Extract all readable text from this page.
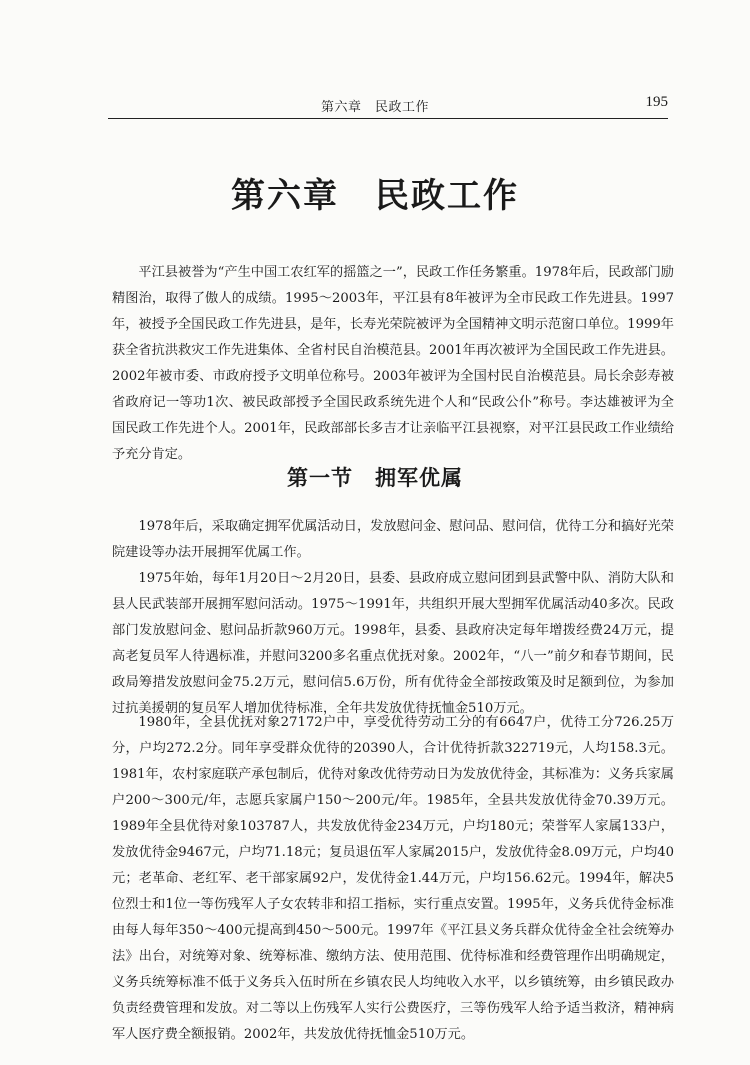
第六章　民政工作	195
第六章　民政工作

平江县被誉为“产生中国工农红军的摇篮之一”，民政工作任务繁重。1978年后，民政部门励精图治，取得了傲人的成绩。1995～2003年，平江县有8年被评为全市民政工作先进县。1997年，被授予全国民政工作先进县，是年，长寿光荣院被评为全国精神文明示范窗口单位。1999年获全省抗洪救灾工作先进集体、全省村民自治模范县。2001年再次被评为全国民政工作先进县。2002年被市委、市政府授予文明单位称号。2003年被评为全国村民自治模范县。局长余彭寿被省政府记一等功1次、被民政部授予全国民政系统先进个人和“民政公仆”称号。李达雄被评为全国民政工作先进个人。2001年，民政部部长多吉才让亲临平江县视察，对平江县民政工作业绩给予充分肯定。

第一节　拥军优属

1978年后，采取确定拥军优属活动日，发放慰问金、慰问品、慰问信，优待工分和搞好光荣院建设等办法开展拥军优属工作。

1975年始，每年1月20日～2月20日，县委、县政府成立慰问团到县武警中队、消防大队和县人民武装部开展拥军慰问活动。1975～1991年，共组织开展大型拥军优属活动40多次。民政部门发放慰问金、慰问品折款960万元。1998年，县委、县政府决定每年增拨经费24万元，提高老复员军人待遇标准，并慰问3200多名重点优抚对象。2002年，“八一”前夕和春节期间，民政局筹措发放慰问金75.2万元，慰问信5.6万份，所有优待金全部按政策及时足额到位，为参加过抗美援朝的复员军人增加优待标准，全年共发放优待抚恤金510万元。

1980年，全县优抚对象27172户中，享受优待劳动工分的有6647户，优待工分726.25万分，户均272.2分。同年享受群众优待的20390人，合计优待折款322719元，人均158.3元。1981年，农村家庭联产承包制后，优待对象改优待劳动日为发放优待金，其标准为：义务兵家属户200～300元/年，志愿兵家属户150～200元/年。1985年，全县共发放优待金70.39万元。1989年全县优待对象103787人，共发放优待金234万元，户均180元；荣誉军人家属133户，发放优待金9467元，户均71.18元；复员退伍军人家属2015户，发放优待金8.09万元，户均40元；老革命、老红军、老干部家属92户，发优待金1.44万元，户均156.62元。1994年，解决5位烈士和1位一等伤残军人子女农转非和招工指标，实行重点安置。1995年，义务兵优待金标准由每人每年350～400元提高到450～500元。1997年《平江县义务兵群众优待金全社会统筹办法》出台，对统筹对象、统筹标准、缴纳方法、使用范围、优待标准和经费管理作出明确规定，义务兵统筹标准不低于义务兵入伍时所在乡镇农民人均纯收入水平，以乡镇统筹，由乡镇民政办负责经费管理和发放。对二等以上伤残军人实行公费医疗，三等伤残军人给予适当救济，精神病军人医疗费全额报销。2002年，共发放优待抚恤金510万元。
